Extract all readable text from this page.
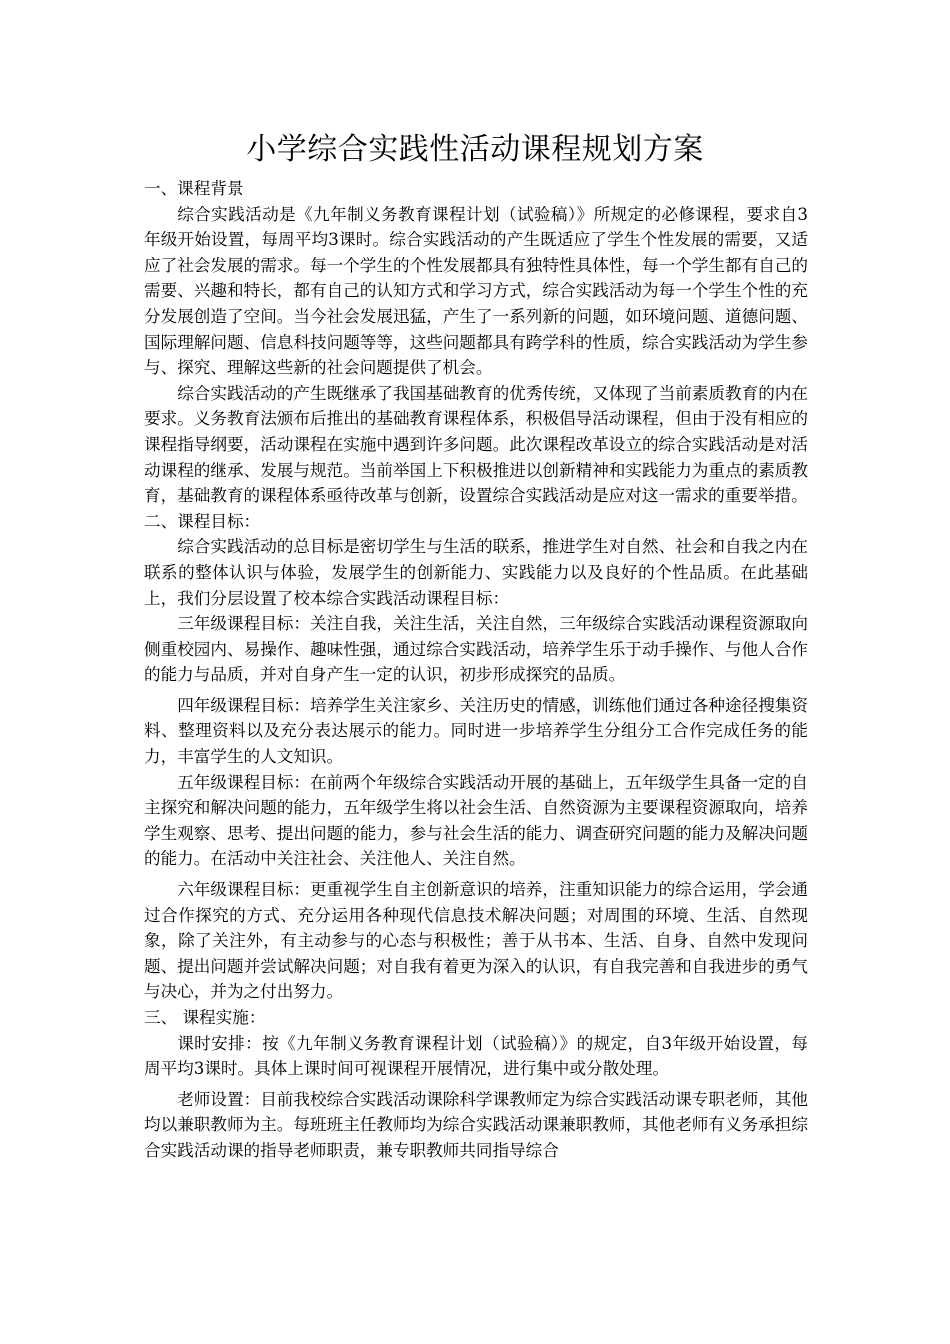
小学综合实践性活动课程规划方案

一、课程背景

综合实践活动是《九年制义务教育课程计划（试验稿）》所规定的必修课程，要求自3年级开始设置，每周平均3课时。综合实践活动的产生既适应了学生个性发展的需要，又适应了社会发展的需求。每一个学生的个性发展都具有独特性具体性，每一个学生都有自己的需要、兴趣和特长，都有自己的认知方式和学习方式，综合实践活动为每一个学生个性的充分发展创造了空间。当今社会发展迅猛，产生了一系列新的问题，如环境问题、道德问题、国际理解问题、信息科技问题等等，这些问题都具有跨学科的性质，综合实践活动为学生参与、探究、理解这些新的社会问题提供了机会。

综合实践活动的产生既继承了我国基础教育的优秀传统，又体现了当前素质教育的内在要求。义务教育法颁布后推出的基础教育课程体系，积极倡导活动课程，但由于没有相应的课程指导纲要，活动课程在实施中遇到许多问题。此次课程改革设立的综合实践活动是对活动课程的继承、发展与规范。当前举国上下积极推进以创新精神和实践能力为重点的素质教育，基础教育的课程体系亟待改革与创新，设置综合实践活动是应对这一需求的重要举措。

二、课程目标：

综合实践活动的总目标是密切学生与生活的联系，推进学生对自然、社会和自我之内在联系的整体认识与体验，发展学生的创新能力、实践能力以及良好的个性品质。在此基础上，我们分层设置了校本综合实践活动课程目标：

三年级课程目标：关注自我，关注生活，关注自然，三年级综合实践活动课程资源取向侧重校园内、易操作、趣味性强，通过综合实践活动，培养学生乐于动手操作、与他人合作的能力与品质，并对自身产生一定的认识，初步形成探究的品质。

四年级课程目标：培养学生关注家乡、关注历史的情感，训练他们通过各种途径搜集资料、整理资料以及充分表达展示的能力。同时进一步培养学生分组分工合作完成任务的能力，丰富学生的人文知识。

五年级课程目标：在前两个年级综合实践活动开展的基础上，五年级学生具备一定的自主探究和解决问题的能力，五年级学生将以社会生活、自然资源为主要课程资源取向，培养学生观察、思考、提出问题的能力，参与社会生活的能力、调查研究问题的能力及解决问题的能力。在活动中关注社会、关注他人、关注自然。

六年级课程目标：更重视学生自主创新意识的培养，注重知识能力的综合运用，学会通过合作探究的方式、充分运用各种现代信息技术解决问题；对周围的环境、生活、自然现象，除了关注外，有主动参与的心态与积极性；善于从书本、生活、自身、自然中发现问题、提出问题并尝试解决问题；对自我有着更为深入的认识，有自我完善和自我进步的勇气与决心，并为之付出努力。

三、 课程实施：

课时安排：按《九年制义务教育课程计划（试验稿）》的规定，自3年级开始设置，每周平均3课时。具体上课时间可视课程开展情况，进行集中或分散处理。

老师设置：目前我校综合实践活动课除科学课教师定为综合实践活动课专职老师，其他均以兼职教师为主。每班班主任教师均为综合实践活动课兼职教师，其他老师有义务承担综合实践活动课的指导老师职责，兼专职教师共同指导综合
